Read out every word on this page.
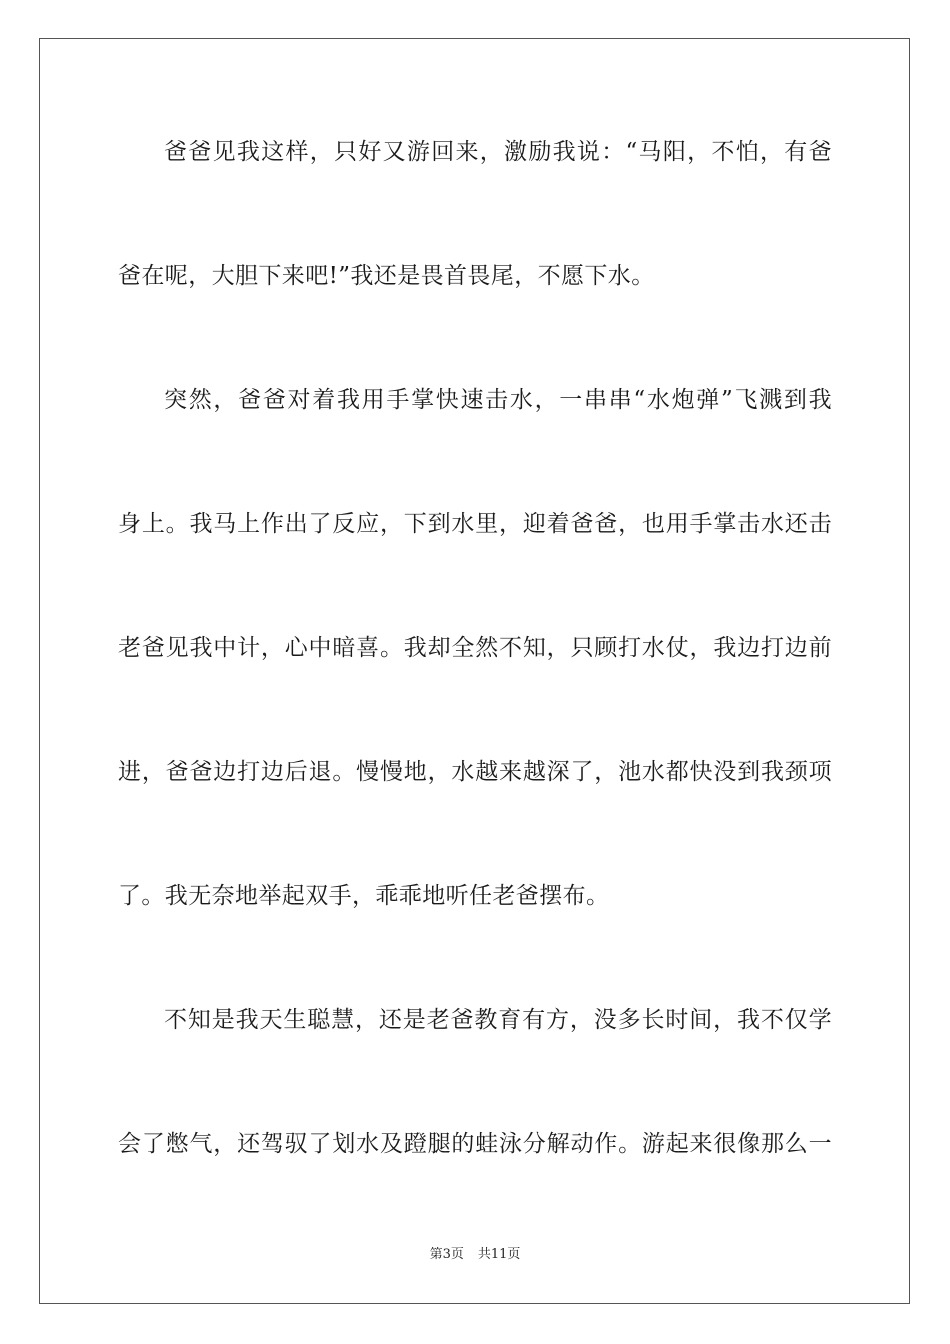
爸爸见我这样，只好又游回来，激励我说：“马阳，不怕，有爸
爸在呢，大胆下来吧!”我还是畏首畏尾，不愿下水。
突然，爸爸对着我用手掌快速击水，一串串“水炮弹”飞溅到我
身上。我马上作出了反应，下到水里，迎着爸爸，也用手掌击水还击
老爸见我中计，心中暗喜。我却全然不知，只顾打水仗，我边打边前
进，爸爸边打边后退。慢慢地，水越来越深了，池水都快没到我颈项
了。我无奈地举起双手，乖乖地听任老爸摆布。
不知是我天生聪慧，还是老爸教育有方，没多长时间，我不仅学
会了憋气，还驾驭了划水及蹬腿的蛙泳分解动作。游起来很像那么一
第3页 共11页
